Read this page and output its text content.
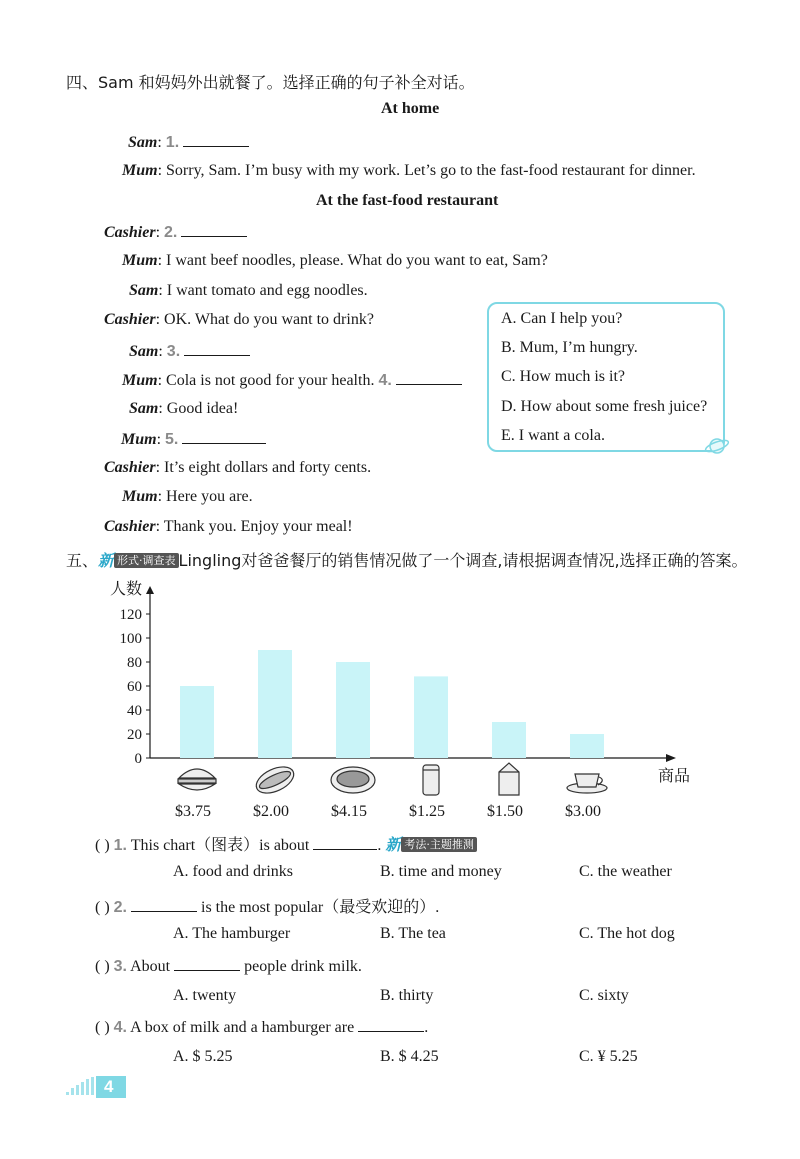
四、Sam 和妈妈外出就餐了。选择正确的句子补全对话。
At home
Sam: 1.
Mum: Sorry, Sam. I’m busy with my work. Let’s go to the fast-food restaurant for dinner.
At the fast-food restaurant
Cashier: 2.
Mum: I want beef noodles, please. What do you want to eat, Sam?
Sam: I want tomato and egg noodles.
Cashier: OK. What do you want to drink?
Sam: 3.
Mum: Cola is not good for your health. 4.
Sam: Good idea!
Mum: 5.
Cashier: It’s eight dollars and forty cents.
Mum: Here you are.
Cashier: Thank you. Enjoy your meal!
A. Can I help you?
B. Mum, I’m hungry.
C. How much is it?
D. How about some fresh juice?
E. I want a cola.
五、新 形式·调查表 Lingling对爸爸餐厅的销售情况做了一个调查,请根据调查情况,选择正确的答案。
0
20
40
60
80
100
120
人数
商品
$3.75	$2.00	$4.15	$1.25	$1.50	$3.00
( ) 1. This chart（图表）is about	. 新 考法·主题推测
A. food and drinks	B. time and money	C. the weather
( ) 2.	is the most popular（最受欢迎的）.
A. The hamburger	B. The tea	C. The hot dog
( ) 3. About	people drink milk.
A. twenty	B. thirty	C. sixty
( ) 4. A box of milk and a hamburger are	.
A. $ 5.25	B. $ 4.25	C. ¥ 5.25
4
